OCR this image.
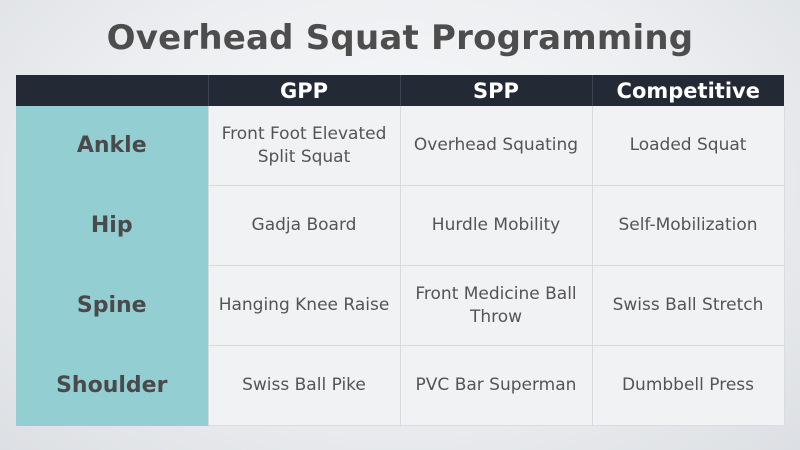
Overhead Squat Programming
	GPP	SPP	Competitive
Ankle	Front Foot Elevated Split Squat	Overhead Squating	Loaded Squat
Hip	Gadja Board	Hurdle Mobility	Self-Mobilization
Spine	Hanging Knee Raise	Front Medicine Ball Throw	Swiss Ball Stretch
Shoulder	Swiss Ball Pike	PVC Bar Superman	Dumbbell Press
